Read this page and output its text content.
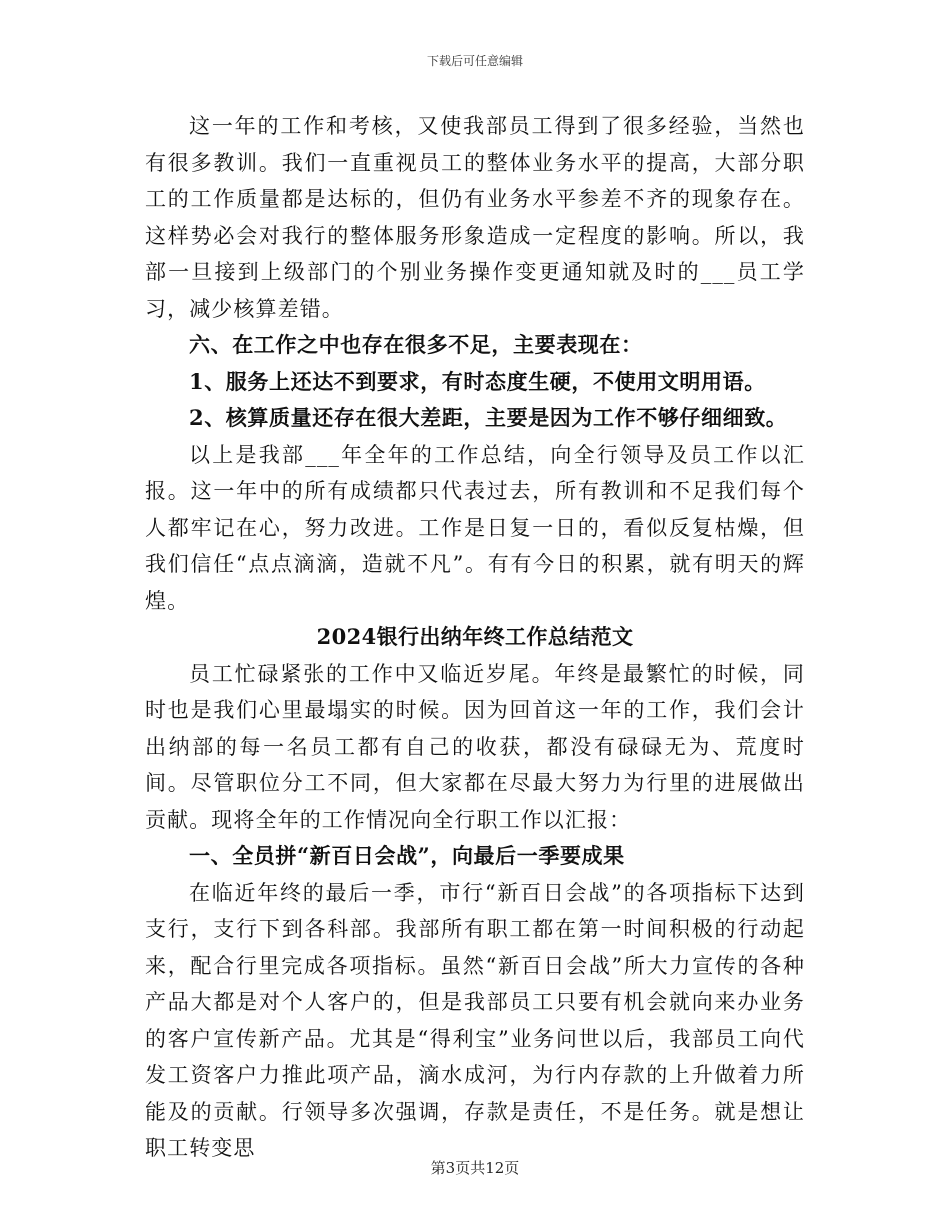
下载后可任意编辑

这一年的工作和考核，又使我部员工得到了很多经验，当然也有很多教训。我们一直重视员工的整体业务水平的提高，大部分职工的工作质量都是达标的，但仍有业务水平参差不齐的现象存在。这样势必会对我行的整体服务形象造成一定程度的影响。所以，我部一旦接到上级部门的个别业务操作变更通知就及时的___员工学习，减少核算差错。

六、在工作之中也存在很多不足，主要表现在：

1、服务上还达不到要求，有时态度生硬，不使用文明用语。

2、核算质量还存在很大差距，主要是因为工作不够仔细细致。

以上是我部___年全年的工作总结，向全行领导及员工作以汇报。这一年中的所有成绩都只代表过去，所有教训和不足我们每个人都牢记在心，努力改进。工作是日复一日的，看似反复枯燥，但我们信任“点点滴滴，造就不凡”。有有今日的积累，就有明天的辉煌。

2024银行出纳年终工作总结范文

员工忙碌紧张的工作中又临近岁尾。年终是最繁忙的时候，同时也是我们心里最塌实的时候。因为回首这一年的工作，我们会计出纳部的每一名员工都有自己的收获，都没有碌碌无为、荒度时间。尽管职位分工不同，但大家都在尽最大努力为行里的进展做出贡献。现将全年的工作情况向全行职工作以汇报：

一、全员拼“新百日会战”，向最后一季要成果

在临近年终的最后一季，市行“新百日会战”的各项指标下达到支行，支行下到各科部。我部所有职工都在第一时间积极的行动起来，配合行里完成各项指标。虽然“新百日会战”所大力宣传的各种产品大都是对个人客户的，但是我部员工只要有机会就向来办业务的客户宣传新产品。尤其是“得利宝”业务问世以后，我部员工向代发工资客户力推此项产品，滴水成河，为行内存款的上升做着力所能及的贡献。行领导多次强调，存款是责任，不是任务。就是想让职工转变思

第3页共12页
